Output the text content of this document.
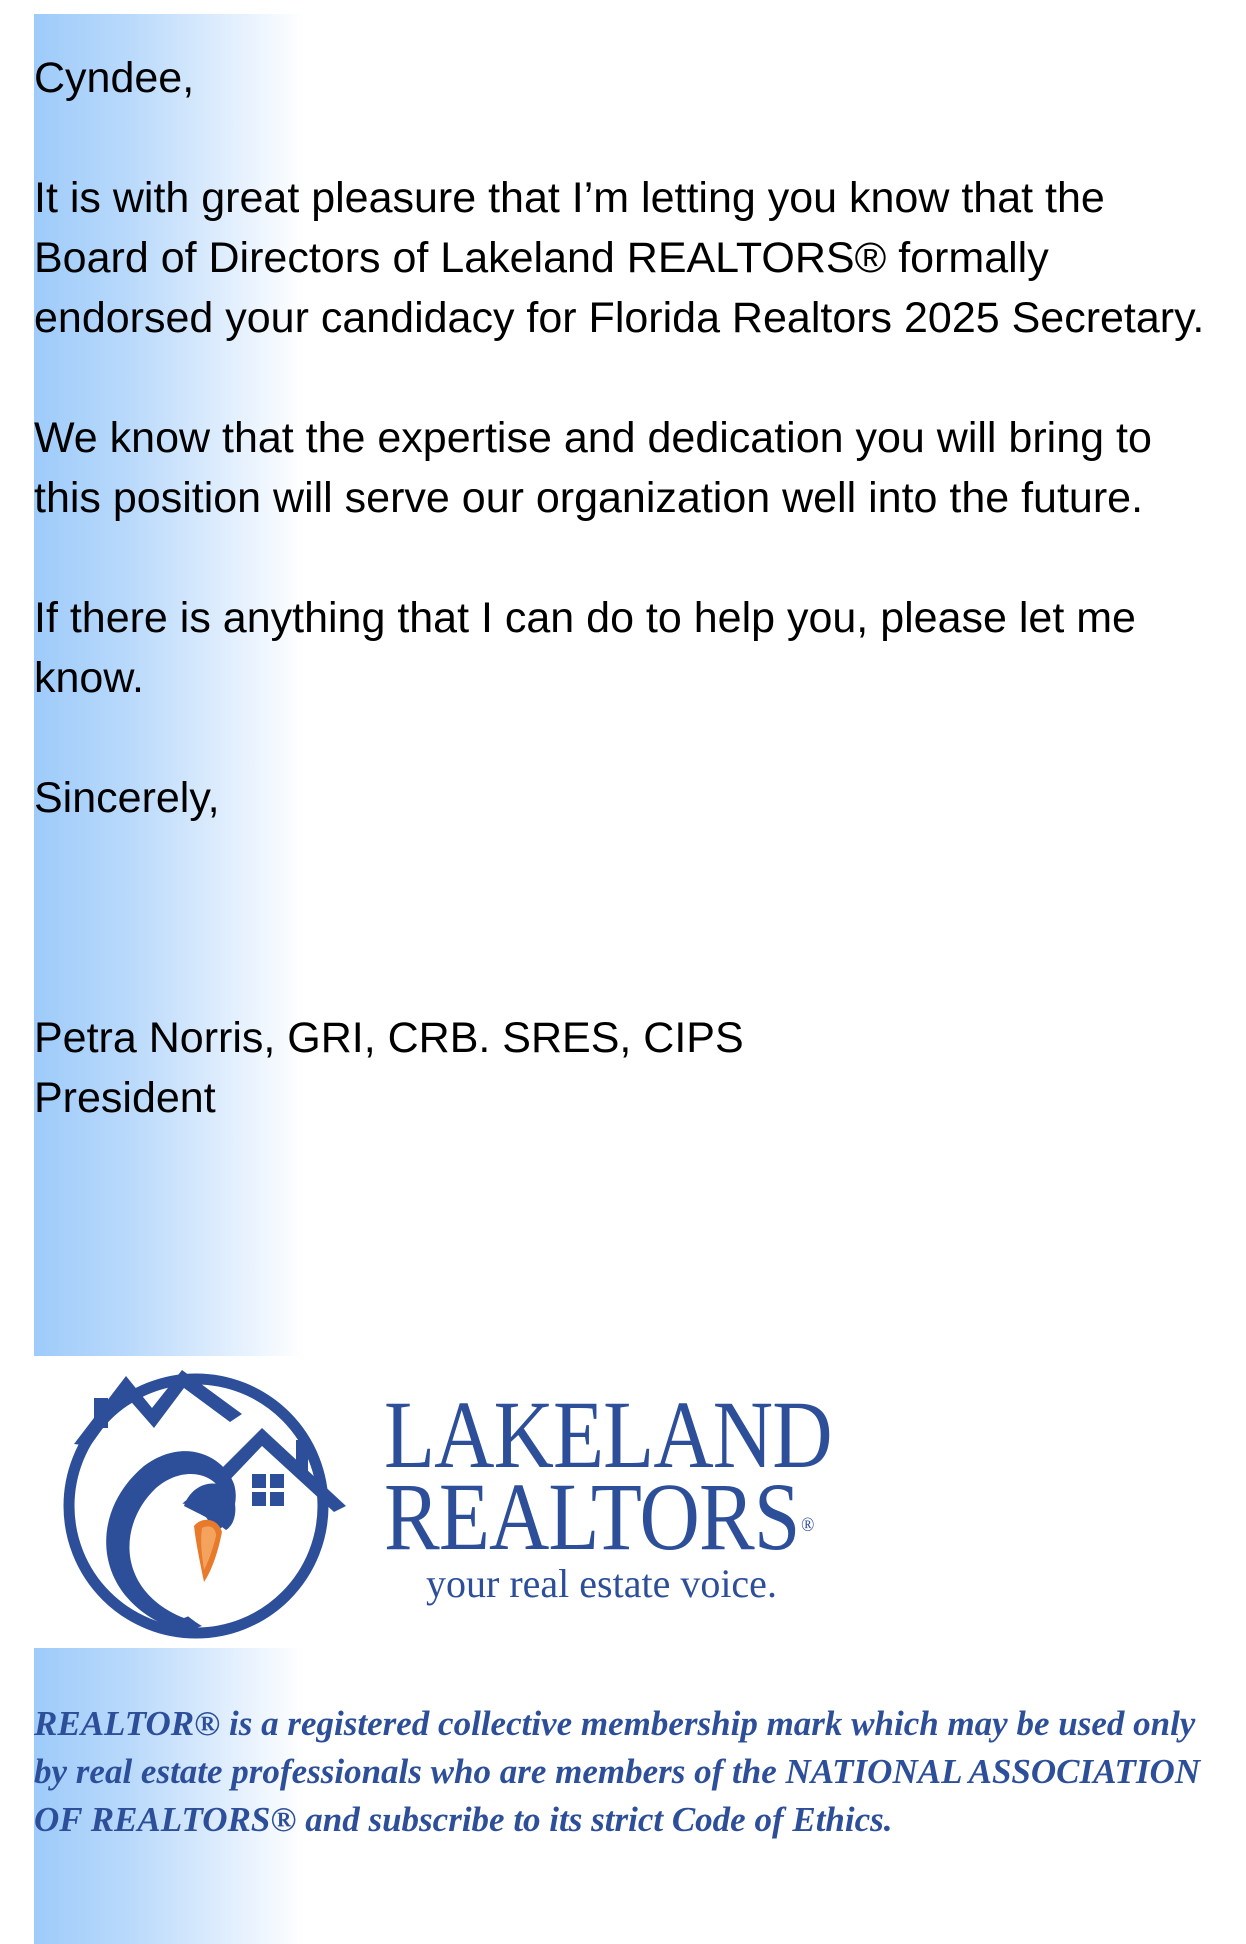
Cyndee,

It is with great pleasure that I’m letting you know that the Board of Directors of Lakeland REALTORS® formally endorsed your candidacy for Florida Realtors 2025 Secretary.

We know that the expertise and dedication you will bring to this position will serve our organization well into the future.

If there is anything that I can do to help you, please let me know.

Sincerely,

Petra Norris, GRI, CRB. SRES, CIPS

President

LAKELAND
REALTORS®
your real estate voice.

REALTOR® is a registered collective membership mark which may be used only by real estate professionals who are members of the NATIONAL ASSOCIATION OF REALTORS® and subscribe to its strict Code of Ethics.
